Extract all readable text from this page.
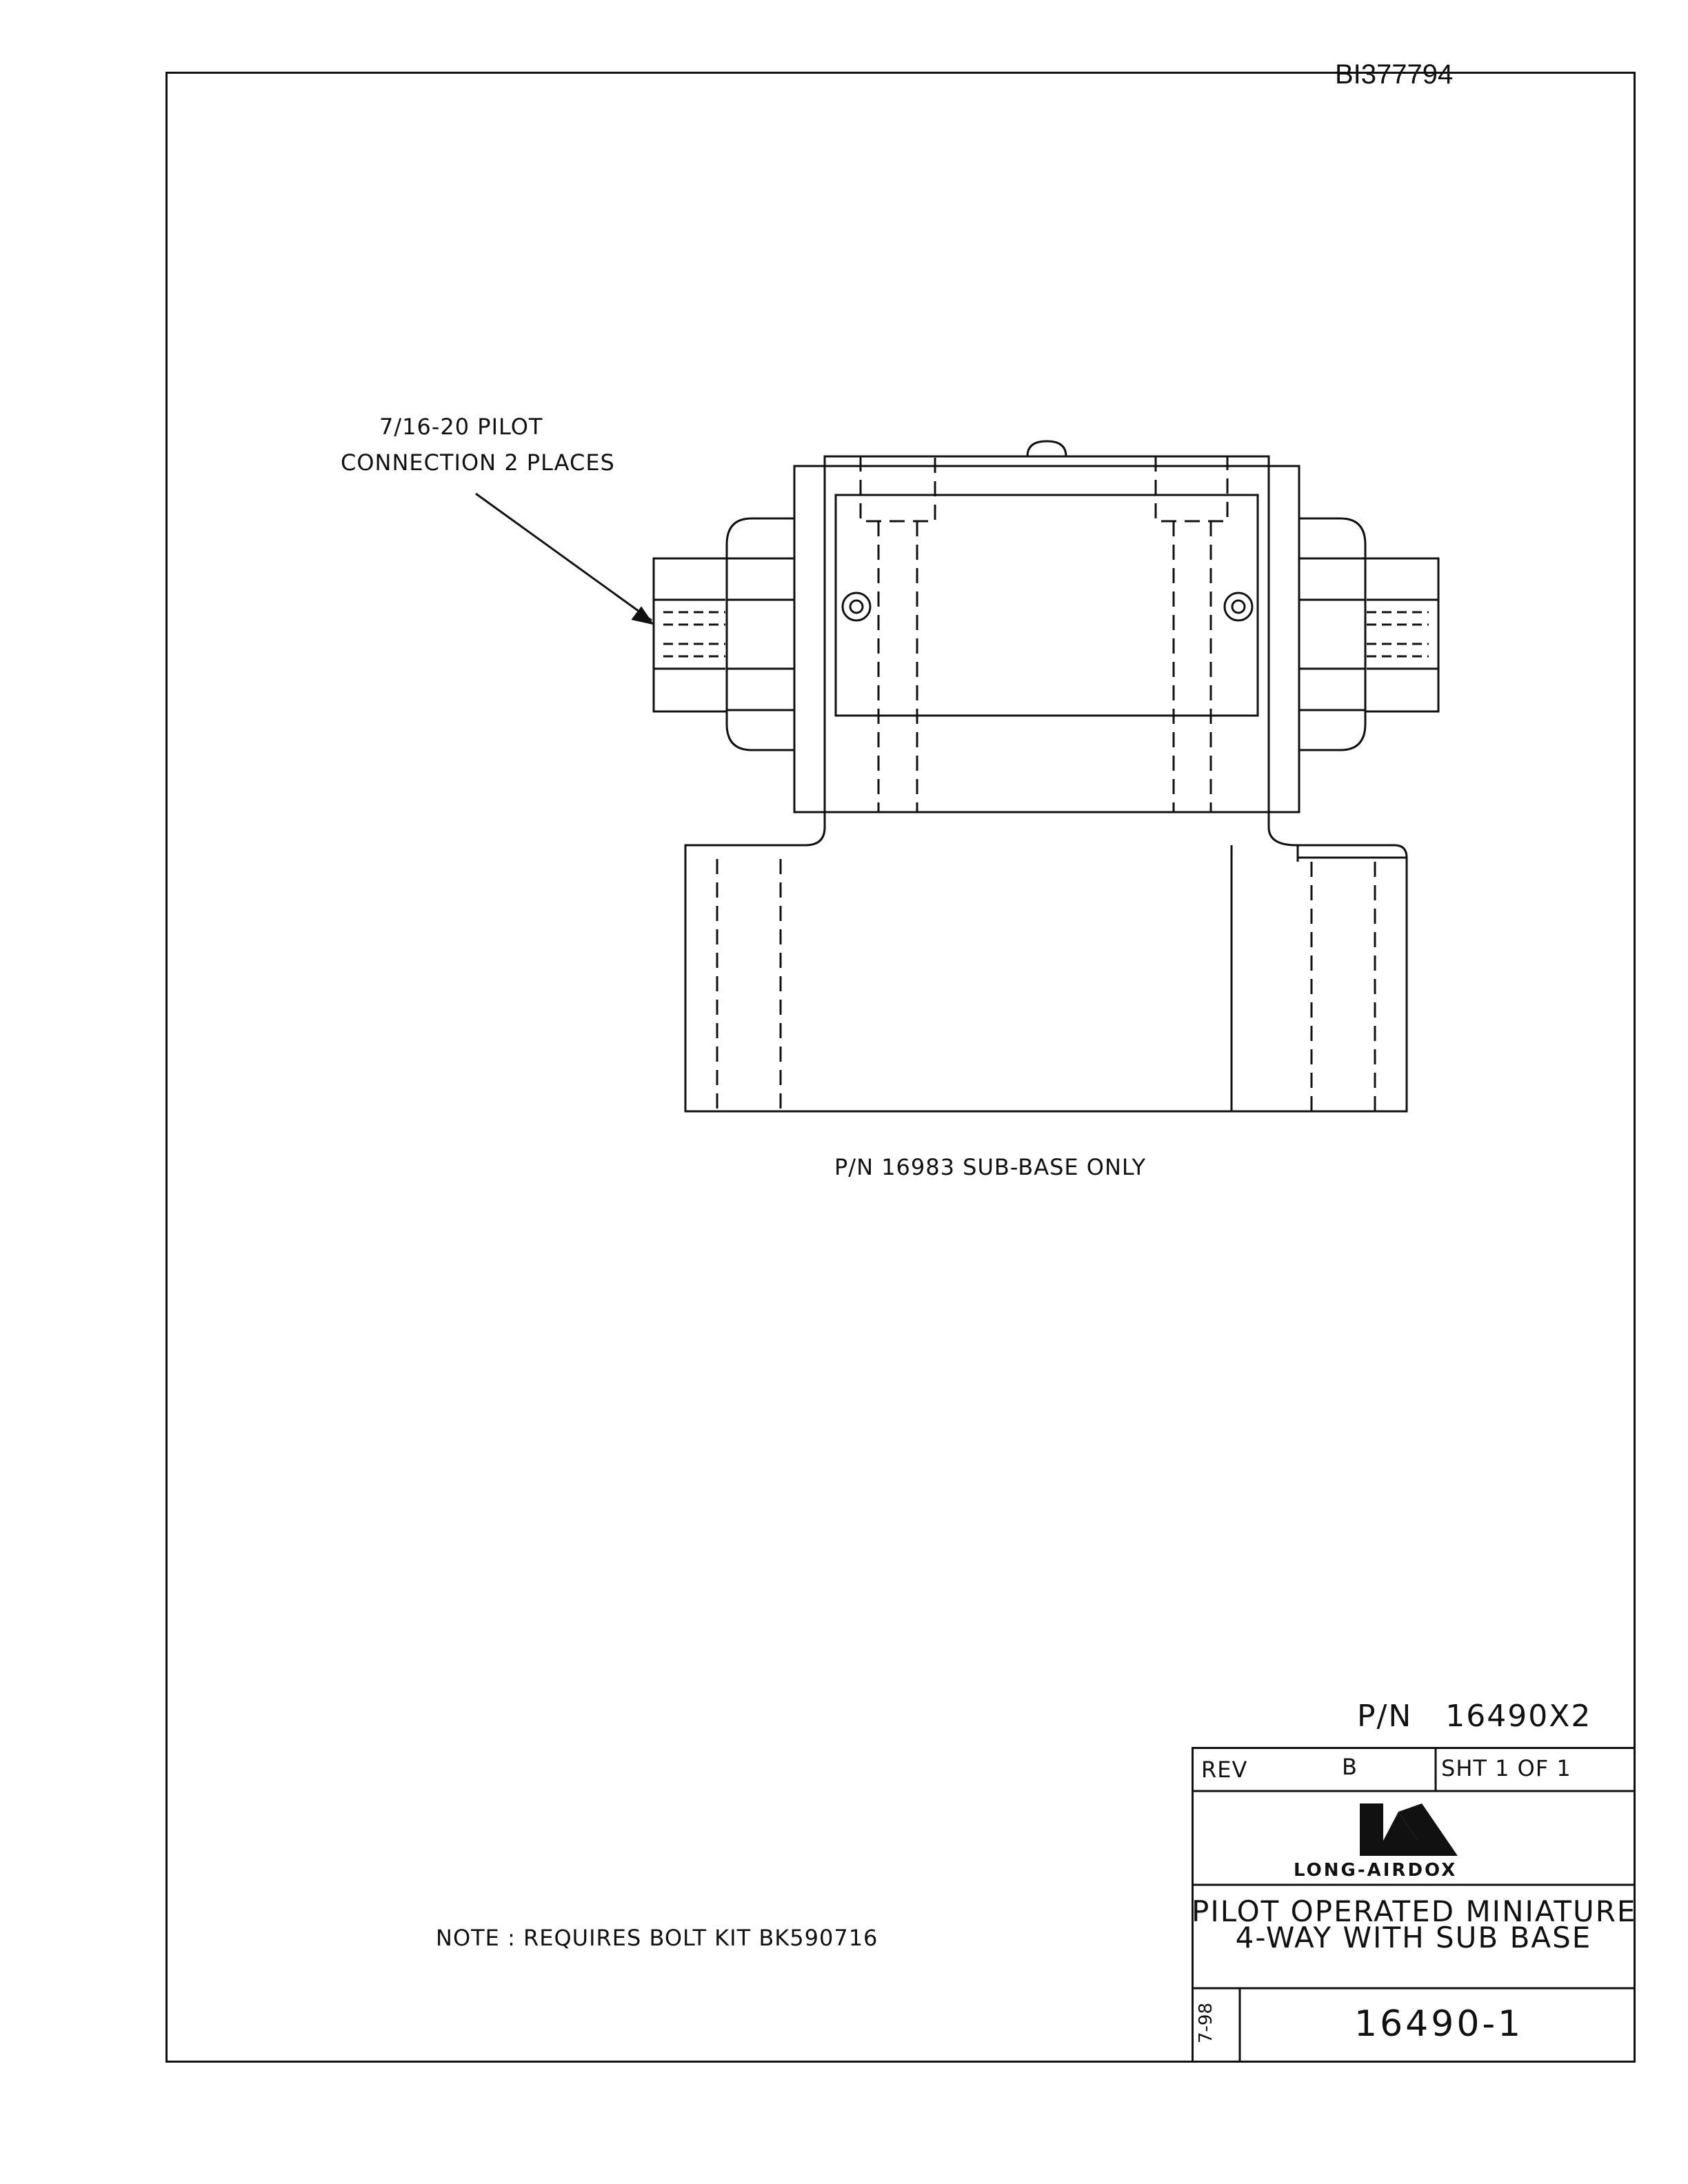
BI377794
7/16-20 PILOT
CONNECTION 2 PLACES
P/N 16983 SUB-BASE ONLY
NOTE : REQUIRES BOLT KIT BK590716
P/N 16490X2
REV	B	SHT 1 OF 1
LONG-AIRDOX
PILOT OPERATED MINIATURE
4-WAY WITH SUB BASE
7-98	16490-1
